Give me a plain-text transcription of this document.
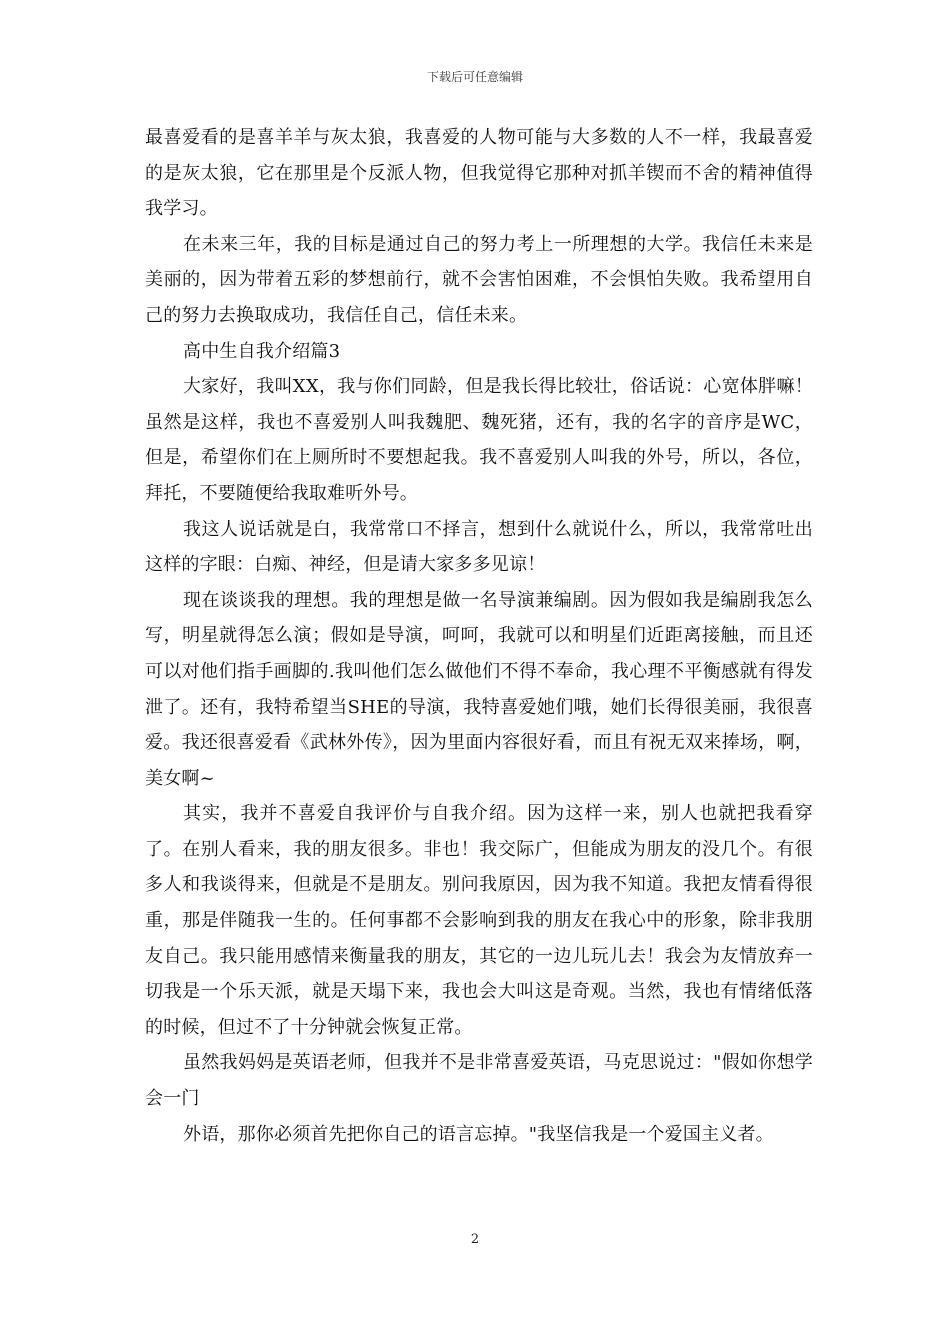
下载后可任意编辑

最喜爱看的是喜羊羊与灰太狼，我喜爱的人物可能与大多数的人不一样，我最喜爱的是灰太狼，它在那里是个反派人物，但我觉得它那种对抓羊锲而不舍的精神值得我学习。

在未来三年，我的目标是通过自己的努力考上一所理想的大学。我信任未来是美丽的，因为带着五彩的梦想前行，就不会害怕困难，不会惧怕失败。我希望用自己的努力去换取成功，我信任自己，信任未来。

高中生自我介绍篇3

大家好，我叫XX，我与你们同龄，但是我长得比较壮，俗话说：心宽体胖嘛！虽然是这样，我也不喜爱别人叫我魏肥、魏死猪，还有，我的名字的音序是WC，但是，希望你们在上厕所时不要想起我。我不喜爱别人叫我的外号，所以，各位，拜托，不要随便给我取难听外号。

我这人说话就是白，我常常口不择言，想到什么就说什么，所以，我常常吐出这样的字眼：白痴、神经，但是请大家多多见谅！

现在谈谈我的理想。我的理想是做一名导演兼编剧。因为假如我是编剧我怎么写，明星就得怎么演；假如是导演，呵呵，我就可以和明星们近距离接触，而且还可以对他们指手画脚的.我叫他们怎么做他们不得不奉命，我心理不平衡感就有得发泄了。还有，我特希望当SHE的导演，我特喜爱她们哦，她们长得很美丽，我很喜爱。我还很喜爱看《武林外传》，因为里面内容很好看，而且有祝无双来捧场，啊，美女啊~

其实，我并不喜爱自我评价与自我介绍。因为这样一来，别人也就把我看穿了。在别人看来，我的朋友很多。非也！我交际广，但能成为朋友的没几个。有很多人和我谈得来，但就是不是朋友。别问我原因，因为我不知道。我把友情看得很重，那是伴随我一生的。任何事都不会影响到我的朋友在我心中的形象，除非我朋友自己。我只能用感情来衡量我的朋友，其它的一边儿玩儿去！我会为友情放弃一切我是一个乐天派，就是天塌下来，我也会大叫这是奇观。当然，我也有情绪低落的时候，但过不了十分钟就会恢复正常。

虽然我妈妈是英语老师，但我并不是非常喜爱英语，马克思说过："假如你想学会一门

外语，那你必须首先把你自己的语言忘掉。"我坚信我是一个爱国主义者。

2
